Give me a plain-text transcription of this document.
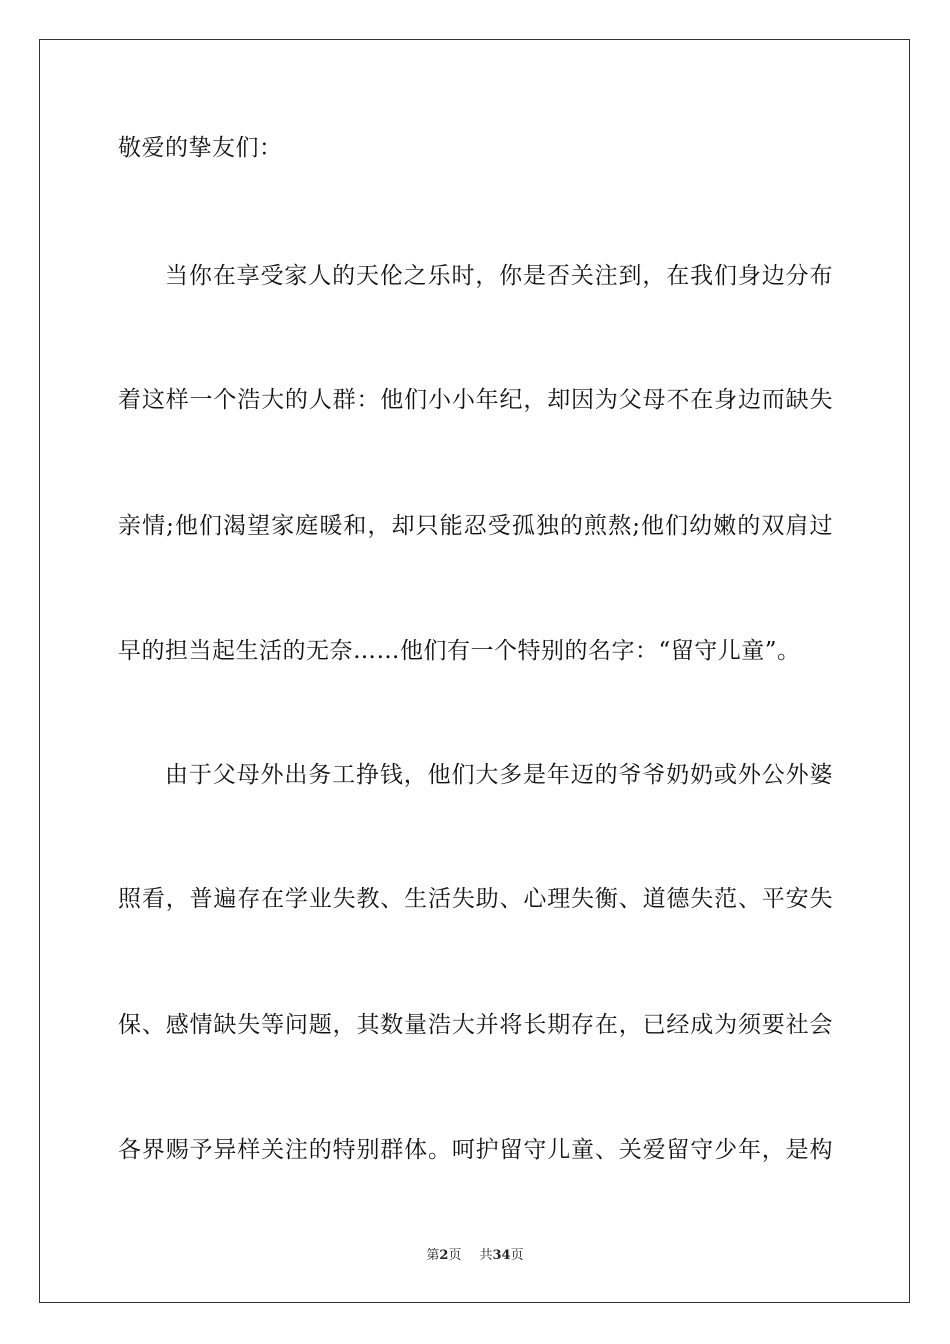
敬爱的挚友们：
当你在享受家人的天伦之乐时，你是否关注到，在我们身边分布
着这样一个浩大的人群：他们小小年纪，却因为父母不在身边而缺失
亲情;他们渴望家庭暖和，却只能忍受孤独的煎熬;他们幼嫩的双肩过
早的担当起生活的无奈……他们有一个特别的名字：“留守儿童”。
由于父母外出务工挣钱，他们大多是年迈的爷爷奶奶或外公外婆
照看，普遍存在学业失教、生活失助、心理失衡、道德失范、平安失
保、感情缺失等问题，其数量浩大并将长期存在，已经成为须要社会
各界赐予异样关注的特别群体。呵护留守儿童、关爱留守少年，是构
第2页 共34页
